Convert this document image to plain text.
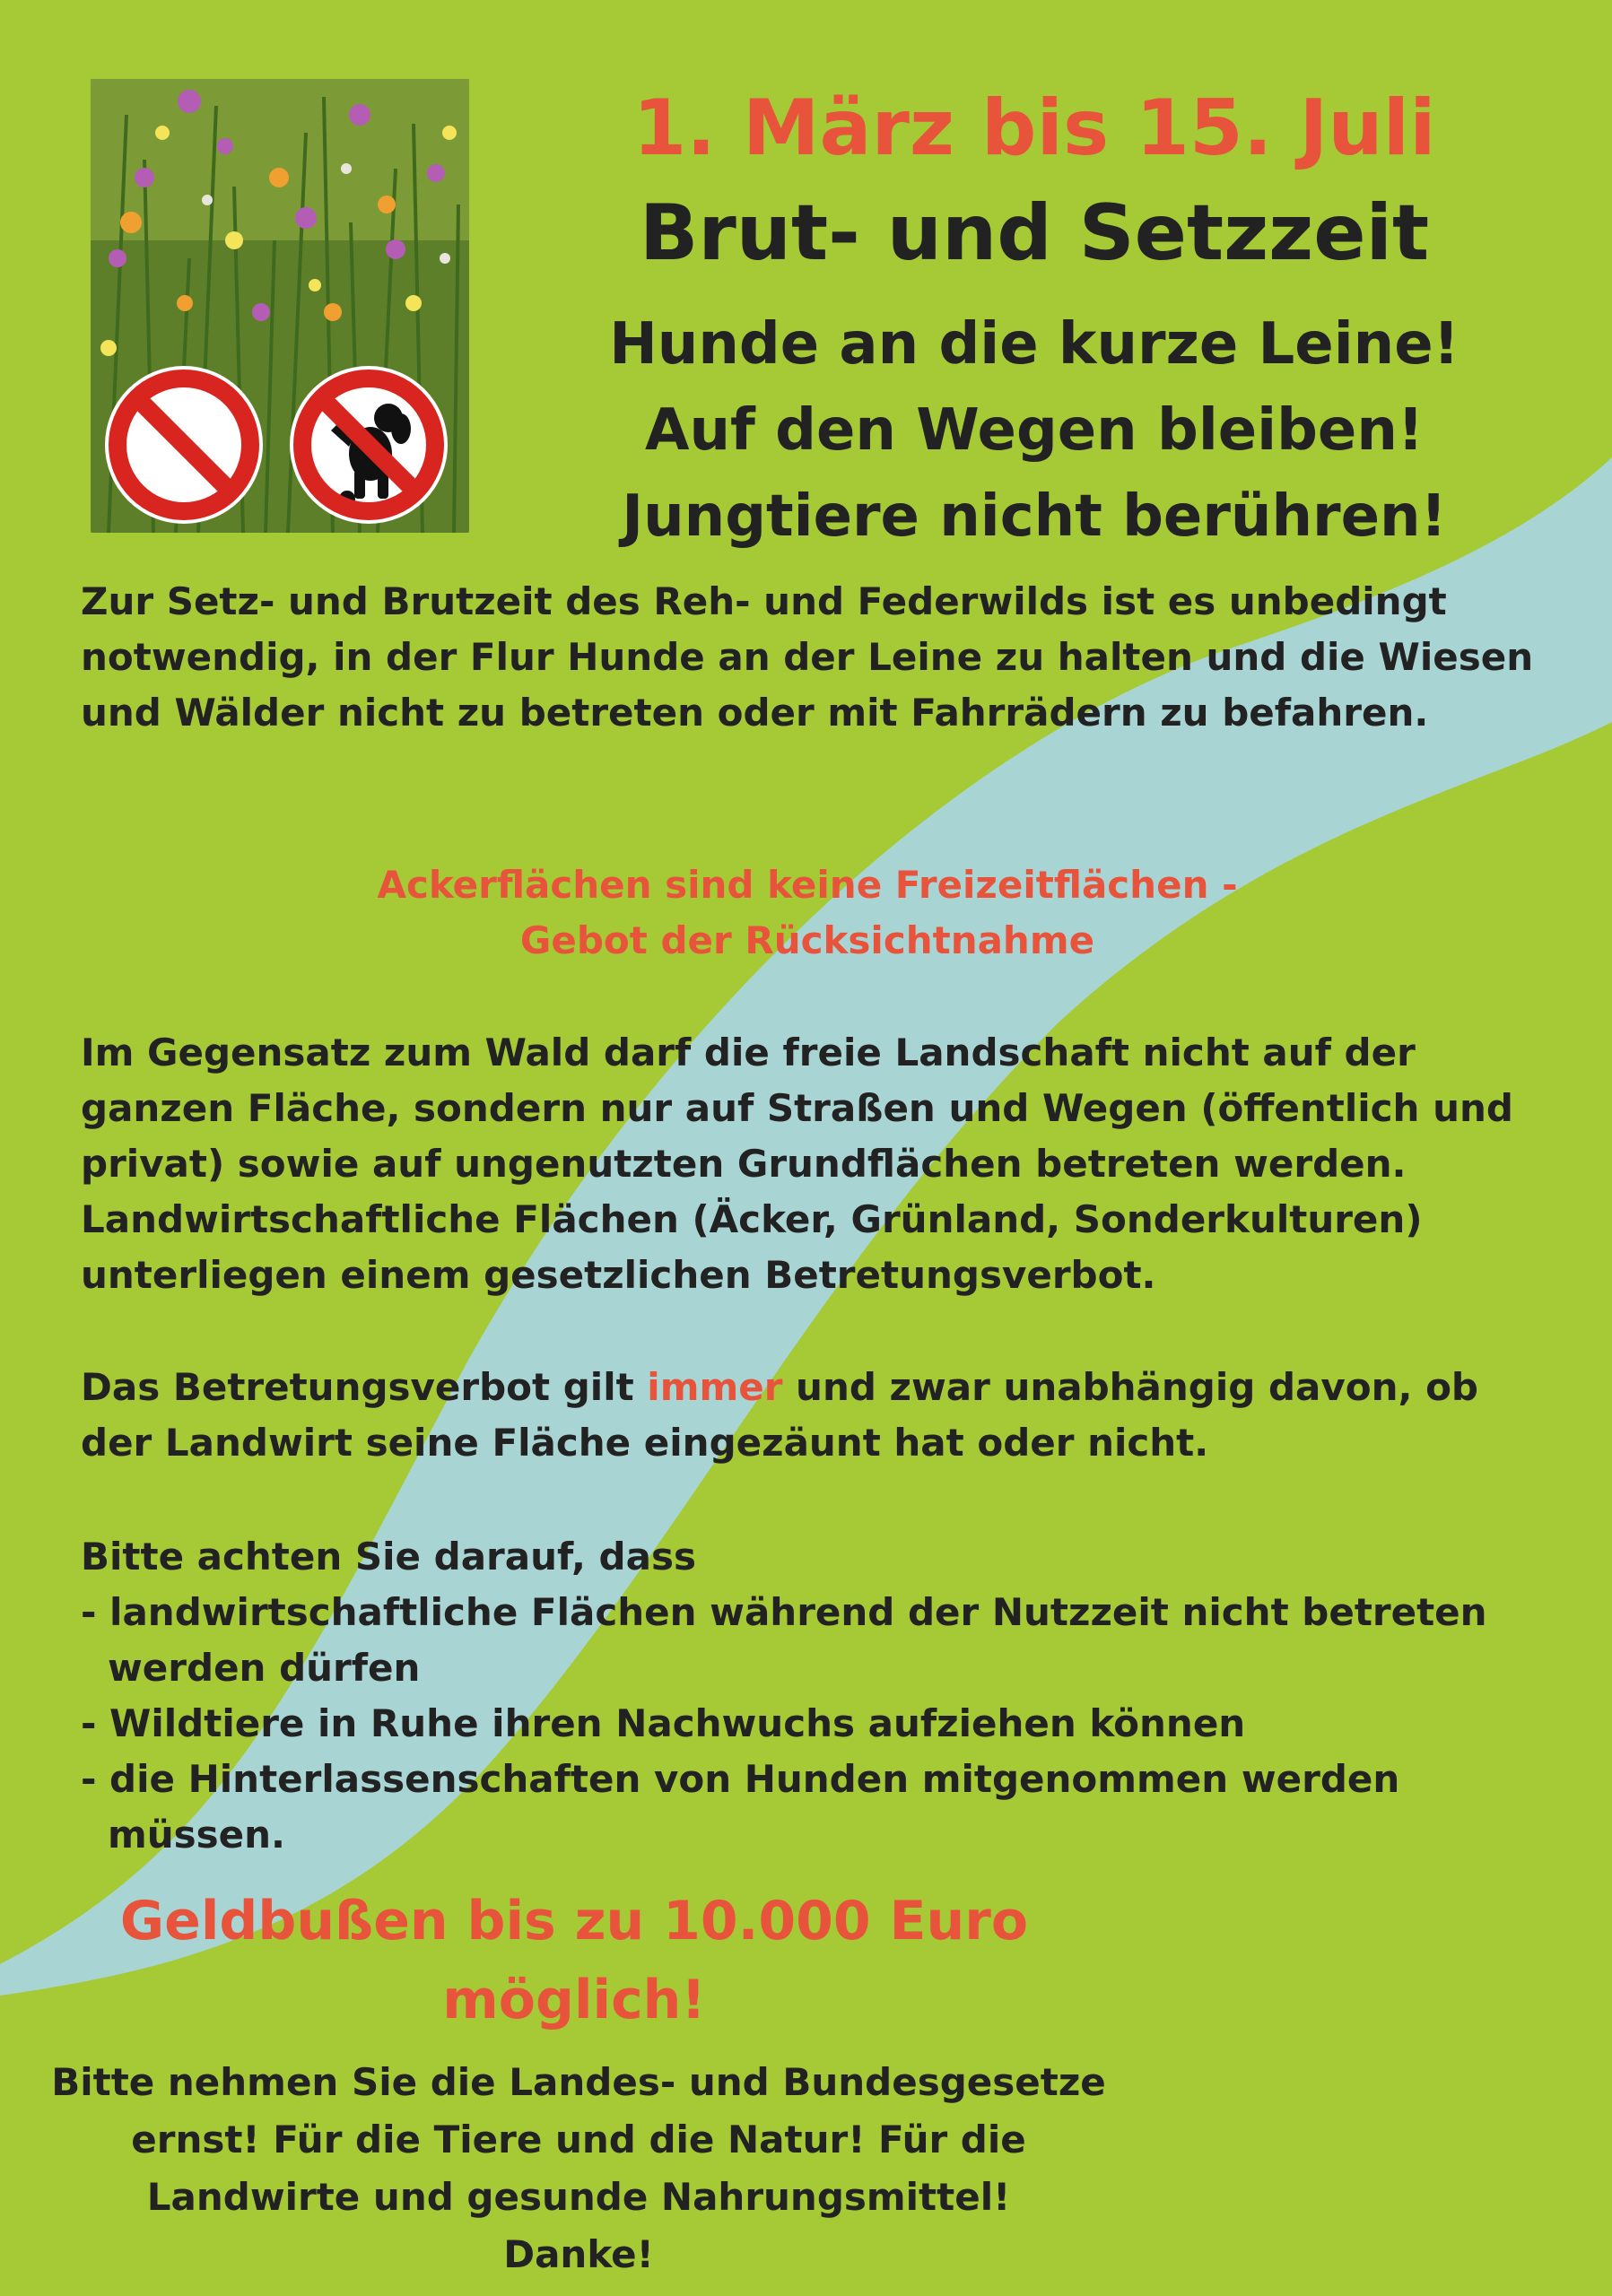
1. März bis 15. Juli
Brut- und Setzzeit
Hunde an die kurze Leine!
Auf den Wegen bleiben!
Jungtiere nicht berühren!

Zur Setz- und Brutzeit des Reh- und Federwilds ist es unbedingt notwendig, in der Flur Hunde an der Leine zu halten und die Wiesen und Wälder nicht zu betreten oder mit Fahrrädern zu befahren.

Ackerflächen sind keine Freizeitflächen -
Gebot der Rücksichtnahme

Im Gegensatz zum Wald darf die freie Landschaft nicht auf der ganzen Fläche, sondern nur auf Straßen und Wegen (öffentlich und privat) sowie auf ungenutzten Grundflächen betreten werden. Landwirtschaftliche Flächen (Äcker, Grünland, Sonderkulturen) unterliegen einem gesetzlichen Betretungsverbot.

Das Betretungsverbot gilt immer und zwar unabhängig davon, ob der Landwirt seine Fläche eingezäunt hat oder nicht.

Bitte achten Sie darauf, dass
- landwirtschaftliche Flächen während der Nutzzeit nicht betreten werden dürfen
- Wildtiere in Ruhe ihren Nachwuchs aufziehen können
- die Hinterlassenschaften von Hunden mitgenommen werden müssen.
Geldbußen bis zu 10.000 Euro
möglich!
Bitte nehmen Sie die Landes- und Bundesgesetze
ernst! Für die Tiere und die Natur! Für die
Landwirte und gesunde Nahrungsmittel!
Danke!
